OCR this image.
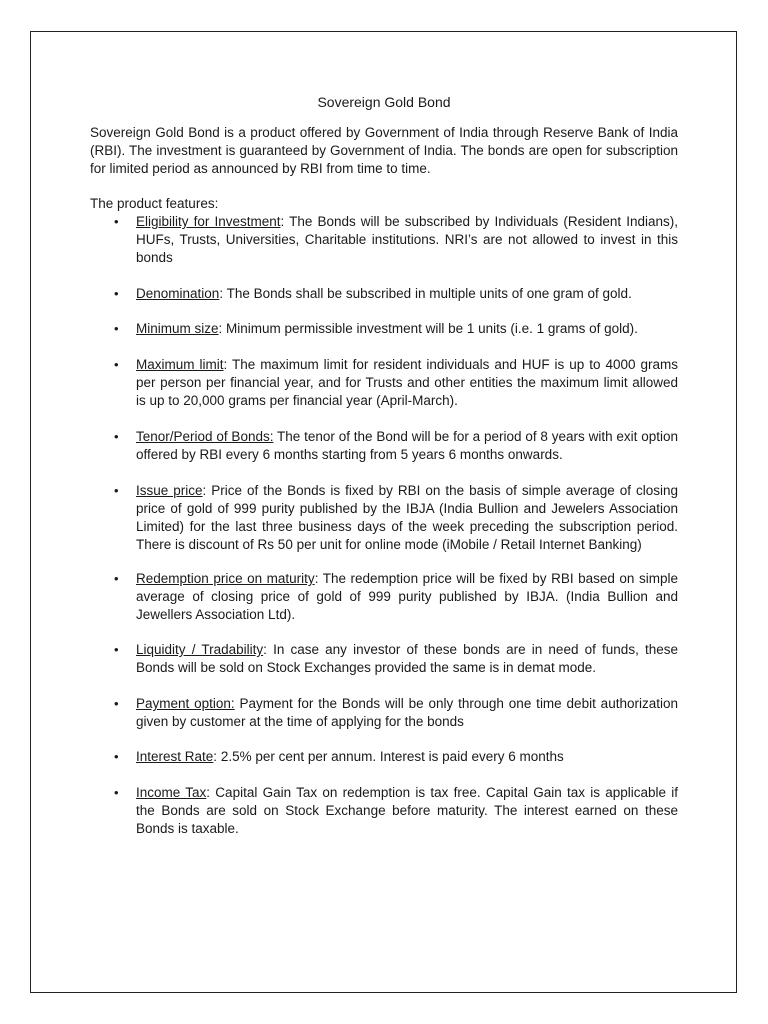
Sovereign Gold Bond

Sovereign Gold Bond is a product offered by Government of India through Reserve Bank of India (RBI). The investment is guaranteed by Government of India. The bonds are open for subscription for limited period as announced by RBI from time to time.

The product features:

• Eligibility for Investment: The Bonds will be subscribed by Individuals (Resident Indians), HUFs, Trusts, Universities, Charitable institutions. NRI’s are not allowed to invest in this bonds

• Denomination: The Bonds shall be subscribed in multiple units of one gram of gold.

• Minimum size: Minimum permissible investment will be 1 units (i.e. 1 grams of gold).

• Maximum limit: The maximum limit for resident individuals and HUF is up to 4000 grams per person per financial year, and for Trusts and other entities the maximum limit allowed is up to 20,000 grams per financial year (April-March).

• Tenor/Period of Bonds: The tenor of the Bond will be for a period of 8 years with exit option offered by RBI every 6 months starting from 5 years 6 months onwards.

• Issue price: Price of the Bonds is fixed by RBI on the basis of simple average of closing price of gold of 999 purity published by the IBJA (India Bullion and Jewelers Association Limited) for the last three business days of the week preceding the subscription period. There is discount of Rs 50 per unit for online mode (iMobile / Retail Internet Banking)

• Redemption price on maturity: The redemption price will be fixed by RBI based on simple average of closing price of gold of 999 purity published by IBJA. (India Bullion and Jewellers Association Ltd).

• Liquidity / Tradability: In case any investor of these bonds are in need of funds, these Bonds will be sold on Stock Exchanges provided the same is in demat mode.

• Payment option: Payment for the Bonds will be only through one time debit authorization given by customer at the time of applying for the bonds

• Interest Rate: 2.5% per cent per annum. Interest is paid every 6 months

• Income Tax: Capital Gain Tax on redemption is tax free. Capital Gain tax is applicable if the Bonds are sold on Stock Exchange before maturity. The interest earned on these Bonds is taxable.
